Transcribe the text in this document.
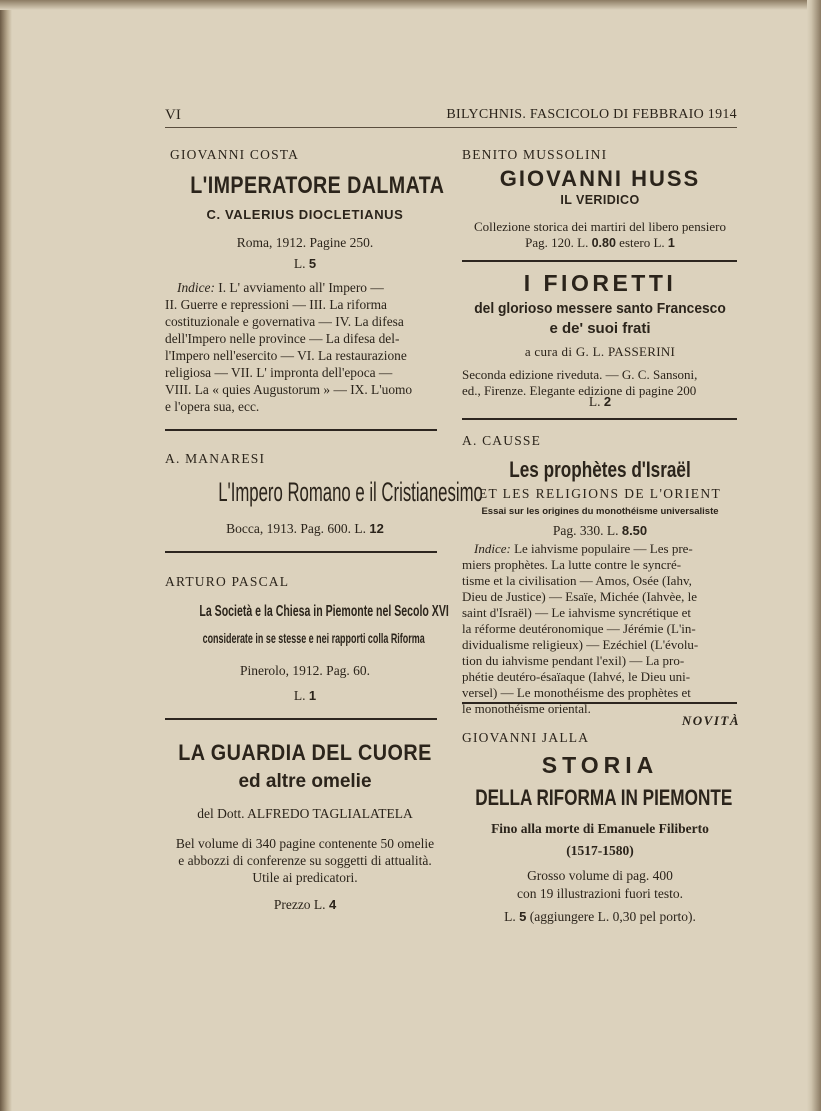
VI	BILYCHNIS. FASCICOLO DI FEBBRAIO 1914
GIOVANNI COSTA
L'IMPERATORE DALMATA
C. VALERIUS DIOCLETIANUS
Roma, 1912. Pagine 250.
L. 5
Indice: I. L' avviamento all' Impero —
II. Guerre e repressioni — III. La riforma
costituzionale e governativa — IV. La difesa
dell'Impero nelle province — La difesa del-
l'Impero nell'esercito — VI. La restaurazione
religiosa — VII. L' impronta dell'epoca —
VIII. La « quies Augustorum » — IX. L'uomo
e l'opera sua, ecc.
A. MANARESI
L'Impero Romano e il Cristianesimo
Bocca, 1913. Pag. 600. L. 12
ARTURO PASCAL
La Società e la Chiesa in Piemonte nel Secolo XVI
considerate in se stesse e nei rapporti colla Riforma
Pinerolo, 1912. Pag. 60.
L. 1
LA GUARDIA DEL CUORE
ed altre omelie
del Dott. ALFREDO TAGLIALATELA
Bel volume di 340 pagine contenente 50 omelie
e abbozzi di conferenze su soggetti di attualità.
Utile ai predicatori.
Prezzo L. 4
BENITO MUSSOLINI
GIOVANNI HUSS
IL VERIDICO
Collezione storica dei martiri del libero pensiero
Pag. 120. L. 0.80 estero L. 1
I FIORETTI
del glorioso messere santo Francesco
e de' suoi frati
a cura di G. L. PASSERINI
Seconda edizione riveduta. — G. C. Sansoni,
ed., Firenze. Elegante edizione di pagine 200
L. 2
A. CAUSSE
Les prophètes d'Israël
ET LES RELIGIONS DE L'ORIENT
Essai sur les origines du monothéisme universaliste
Pag. 330. L. 8.50
Indice: Le iahvisme populaire — Les pre-
miers prophètes. La lutte contre le syncré-
tisme et la civilisation — Amos, Osée (Iahv,
Dieu de Justice) — Esaïe, Michée (Iahvèe, le
saint d'Israël) — Le iahvisme syncrétique et
la réforme deutéronomique — Jérémie (L'in-
dividualisme religieux) — Ezéchiel (L'évolu-
tion du iahvisme pendant l'exil) — La pro-
phétie deutéro-ésaïaque (Iahvé, le Dieu uni-
versel) — Le monothéisme des prophètes et
le monothéisme oriental.
NOVITÀ
GIOVANNI JALLA
STORIA
DELLA RIFORMA IN PIEMONTE
Fino alla morte di Emanuele Filiberto
(1517-1580)
Grosso volume di pag. 400
con 19 illustrazioni fuori testo.
L. 5 (aggiungere L. 0,30 pel porto).
